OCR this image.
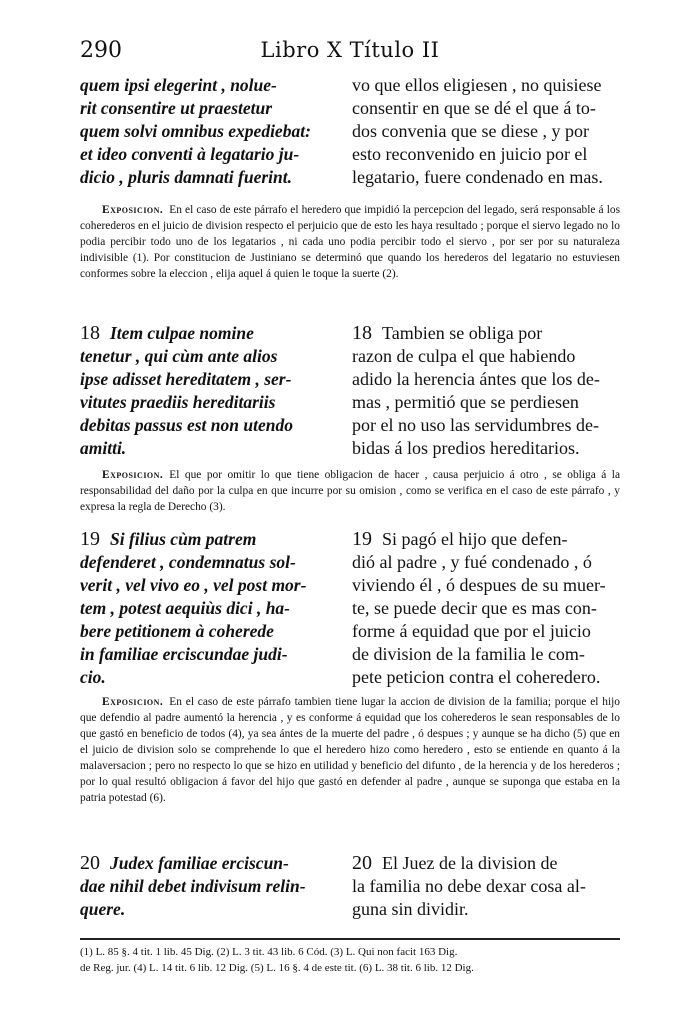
290	Libro X Título II
quem ipsi elegerint , nolue-
rit consentire ut praestetur
quem solvi omnibus expediebat:
et ideo conventi à legatario ju-
dicio , pluris damnati fuerint.
vo que ellos eligiesen , no quisiese
consentir en que se dé el que á to-
dos convenia que se diese , y por
esto reconvenido en juicio por el
legatario, fuere condenado en mas.
Exposicion. En el caso de este párrafo el heredero que impidió la percepcion del legado, será responsable á los coherederos en el juicio de division respecto el perjuicio que de esto les haya resultado ; porque el siervo legado no lo podia percibir todo uno de los legatarios , ni cada uno podia percibir todo el siervo , por ser por su naturaleza indivisible (1). Por constitucion de Justiniano se determinó que quando los herederos del legatario no estuviesen conformes sobre la eleccion , elija aquel á quien le toque la suerte (2).
18 Item culpae nomine
tenetur , qui cùm ante alios
ipse adisset hereditatem , ser-
vitutes praediis hereditariis
debitas passus est non utendo
amitti.
18 Tambien se obliga por
razon de culpa el que habiendo
adido la herencia ántes que los de-
mas , permitió que se perdiesen
por el no uso las servidumbres de-
bidas á los predios hereditarios.
Exposicion. El que por omitir lo que tiene obligacion de hacer , causa perjuicio á otro , se obliga á la responsabilidad del daño por la culpa en que incurre por su omision , como se verifica en el caso de este párrafo , y expresa la regla de Derecho (3).
19 Si filius cùm patrem
defenderet , condemnatus sol-
verit , vel vivo eo , vel post mor-
tem , potest aequiùs dici , ha-
bere petitionem à coherede
in familiae erciscundae judi-
cio.
19 Si pagó el hijo que defen-
dió al padre , y fué condenado , ó
viviendo él , ó despues de su muer-
te, se puede decir que es mas con-
forme á equidad que por el juicio
de division de la familia le com-
pete peticion contra el coheredero.
Exposicion. En el caso de este párrafo tambien tiene lugar la accion de division de la familia; porque el hijo que defendio al padre aumentó la herencia , y es conforme á equidad que los coherederos le sean responsables de lo que gastó en beneficio de todos (4), ya sea ántes de la muerte del padre , ó despues ; y aunque se ha dicho (5) que en el juicio de division solo se comprehende lo que el heredero hizo como heredero , esto se entiende en quanto á la malaversacion ; pero no respecto lo que se hizo en utilidad y beneficio del difunto , de la herencia y de los herederos ; por lo qual resultó obligacion á favor del hijo que gastó en defender al padre , aunque se suponga que estaba en la patria potestad (6).
20 Judex familiae erciscun-
dae nihil debet indivisum relin-
quere.
20 El Juez de la division de
la familia no debe dexar cosa al-
guna sin dividir.
(1) L. 85 §. 4 tit. 1 lib. 45 Dig. (2) L. 3 tit. 43 lib. 6 Cód. (3) L. Qui non facit 163 Dig.
de Reg. jur. (4) L. 14 tit. 6 lib. 12 Dig. (5) L. 16 §. 4 de este tit. (6) L. 38 tit. 6 lib. 12 Dig.
